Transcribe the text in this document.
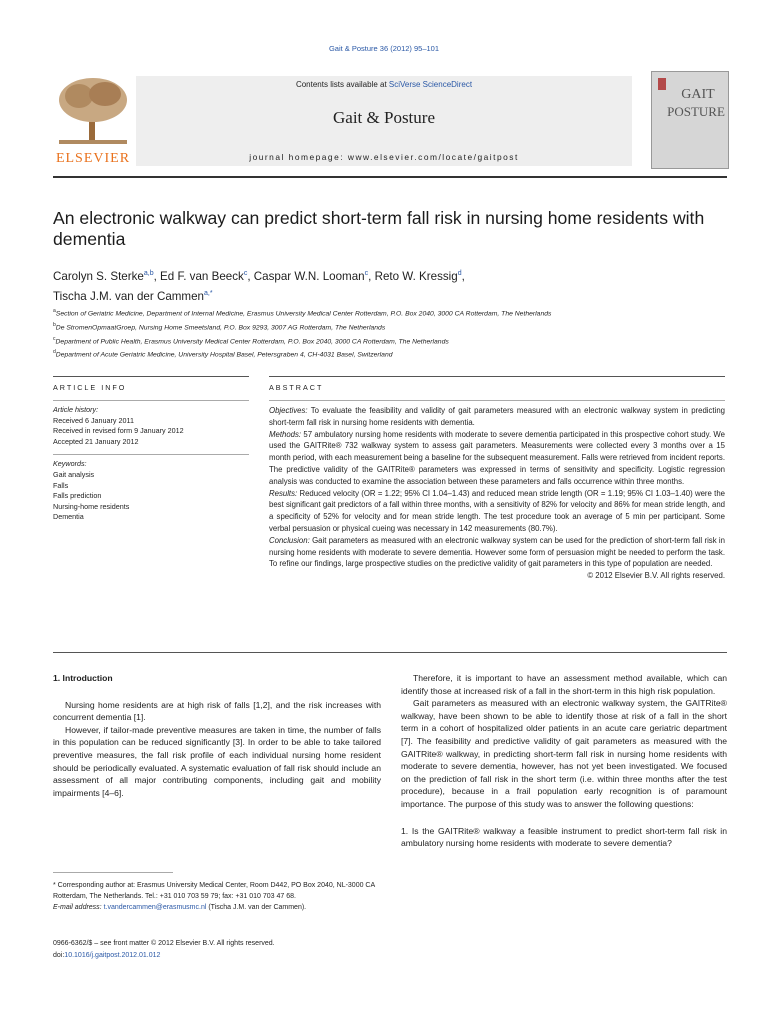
Gait & Posture 36 (2012) 95–101
ELSEVIER
Contents lists available at SciVerse ScienceDirect
Gait & Posture
journal homepage: www.elsevier.com/locate/gaitpost
GAIT
POSTURE
An electronic walkway can predict short-term fall risk in nursing home residents with dementia
Carolyn S. Sterke$^{a,b}$, Ed F. van Beeck$^c$, Caspar W.N. Looman$^c$, Reto W. Kressig$^d$,
Tischa J.M. van der Cammen$^{a,*}$
$^a$Section of Geriatric Medicine, Department of Internal Medicine, Erasmus University Medical Center Rotterdam, P.O. Box 2040, 3000 CA Rotterdam, The Netherlands
$^b$De StromenOpmaatGroep, Nursing Home Smeetsland, P.O. Box 9293, 3007 AG Rotterdam, The Netherlands
$^c$Department of Public Health, Erasmus University Medical Center Rotterdam, P.O. Box 2040, 3000 CA Rotterdam, The Netherlands
$^d$Department of Acute Geriatric Medicine, University Hospital Basel, Petersgraben 4, CH-4031 Basel, Switzerland
ARTICLE INFO
Article history:
Received 6 January 2011
Received in revised form 9 January 2012
Accepted 21 January 2012
Keywords:
Gait analysis
Falls
Falls prediction
Nursing-home residents
Dementia
ABSTRACT
Objectives: To evaluate the feasibility and validity of gait parameters measured with an electronic walkway system in predicting short-term fall risk in nursing home residents with dementia.
Methods: 57 ambulatory nursing home residents with moderate to severe dementia participated in this prospective cohort study. We used the GAITRite® 732 walkway system to assess gait parameters. Measurements were collected every 3 months over a 15 month period, with each measurement being a baseline for the subsequent measurement. Falls were retrieved from incident reports. The predictive validity of the GAITRite® parameters was expressed in terms of sensitivity and specificity. Logistic regression analysis was conducted to examine the association between these parameters and falls occurrence within three months.
Results: Reduced velocity (OR = 1.22; 95% CI 1.04–1.43) and reduced mean stride length (OR = 1.19; 95% CI 1.03–1.40) were the best significant gait predictors of a fall within three months, with a sensitivity of 82% for velocity and 86% for mean stride length, and a specificity of 52% for velocity and for mean stride length. The test procedure took an average of 5 min per participant. Some verbal persuasion or physical cueing was necessary in 142 measurements (80.7%).
Conclusion: Gait parameters as measured with an electronic walkway system can be used for the prediction of short-term fall risk in nursing home residents with moderate to severe dementia. However some form of persuasion might be needed to perform the task. To refine our findings, large prospective studies on the predictive validity of gait parameters in this type of population are needed.
© 2012 Elsevier B.V. All rights reserved.
1. Introduction

Nursing home residents are at high risk of falls [1,2], and the risk increases with concurrent dementia [1].

However, if tailor-made preventive measures are taken in time, the number of falls in this population can be reduced significantly [3]. In order to be able to take tailored preventive measures, the fall risk profile of each individual nursing home resident should be periodically evaluated. A systematic evaluation of fall risk should include an assessment of all major contributing components, including gait and mobility impairments [4–6].

Therefore, it is important to have an assessment method available, which can identify those at increased risk of a fall in the short-term in this high risk population.

Gait parameters as measured with an electronic walkway system, the GAITRite® walkway, have been shown to be able to identify those at risk of a fall in the short term in a cohort of hospitalized older patients in an acute care geriatric department [7]. The feasibility and predictive validity of gait parameters as measured with the GAITRite® walkway, in predicting short-term fall risk in nursing home residents with moderate to severe dementia, however, has not yet been investigated. We focused on the prediction of fall risk in the short term (i.e. within three months after the test procedure), because in a frail population early recognition is of paramount importance. The purpose of this study was to answer the following questions:

1. Is the GAITRite® walkway a feasible instrument to predict short-term fall risk in ambulatory nursing home residents with moderate to severe dementia?

* Corresponding author at: Erasmus University Medical Center, Room D442, PO Box 2040, NL-3000 CA Rotterdam, The Netherlands. Tel.: +31 010 703 59 79; fax: +31 010 703 47 68.
E-mail address: t.vandercammen@erasmusmc.nl (Tischa J.M. van der Cammen).
0966-6362/$ – see front matter © 2012 Elsevier B.V. All rights reserved.
doi:10.1016/j.gaitpost.2012.01.012
